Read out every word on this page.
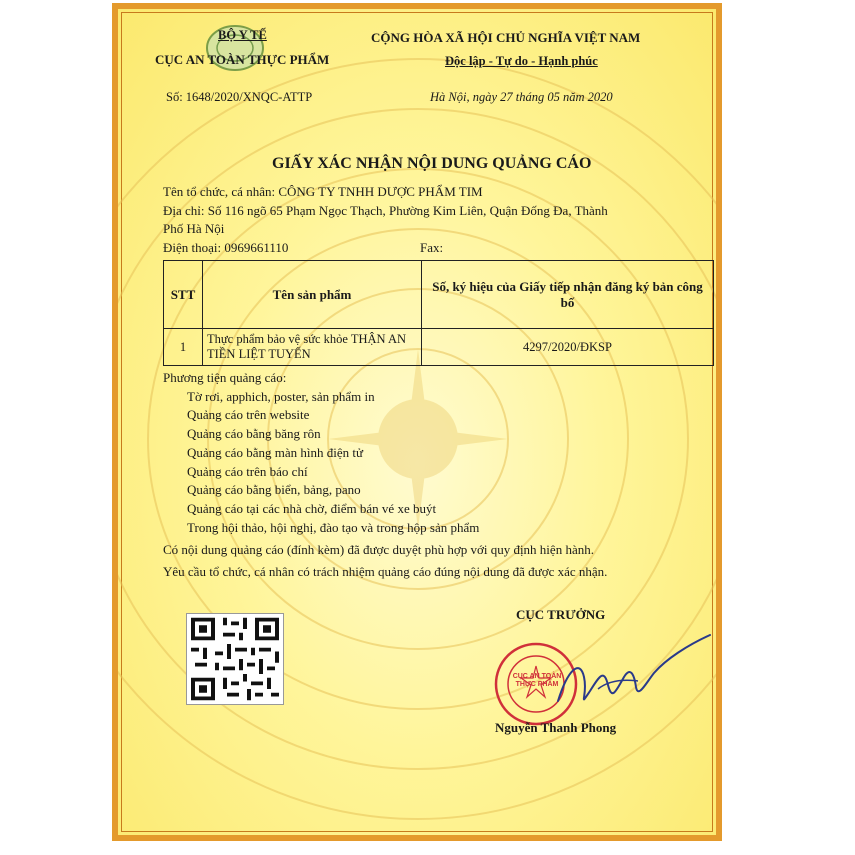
BỘ Y TẾ
CỤC AN TOÀN THỰC PHẨM
CỘNG HÒA XÃ HỘI CHỦ NGHĨA VIỆT NAM
Độc lập - Tự do - Hạnh phúc
Số: 1648/2020/XNQC-ATTP	Hà Nội, ngày 27 tháng 05 năm 2020
GIẤY XÁC NHẬN NỘI DUNG QUẢNG CÁO
Tên tổ chức, cá nhân: CÔNG TY TNHH DƯỢC PHẨM TIM
Địa chỉ: Số 116 ngõ 65 Phạm Ngọc Thạch, Phường Kim Liên, Quận Đống Đa, Thành
Phố Hà Nội
Điện thoại: 0969661110	Fax:
STT	Tên sản phẩm	Số, ký hiệu của Giấy tiếp nhận đăng ký bản công bố
1	Thực phẩm bảo vệ sức khỏe THẬN AN TIỀN LIỆT TUYẾN	4297/2020/ĐKSP
Phương tiện quảng cáo:
Tờ rơi, apphich, poster, sản phẩm in
Quảng cáo trên website
Quảng cáo bằng băng rôn
Quảng cáo bằng màn hình điện tử
Quảng cáo trên báo chí
Quảng cáo bằng biển, bảng, pano
Quảng cáo tại các nhà chờ, điểm bán vé xe buýt
Trong hội thảo, hội nghị, đào tạo và trong hộp sản phẩm
Có nội dung quảng cáo (đính kèm) đã được duyệt phù hợp với quy định hiện hành.
Yêu cầu tổ chức, cá nhân có trách nhiệm quảng cáo đúng nội dung đã được xác nhận.
CỤC TRƯỞNG
CỤC AN TOÀN THỰC PHẨM
Nguyễn Thanh Phong
